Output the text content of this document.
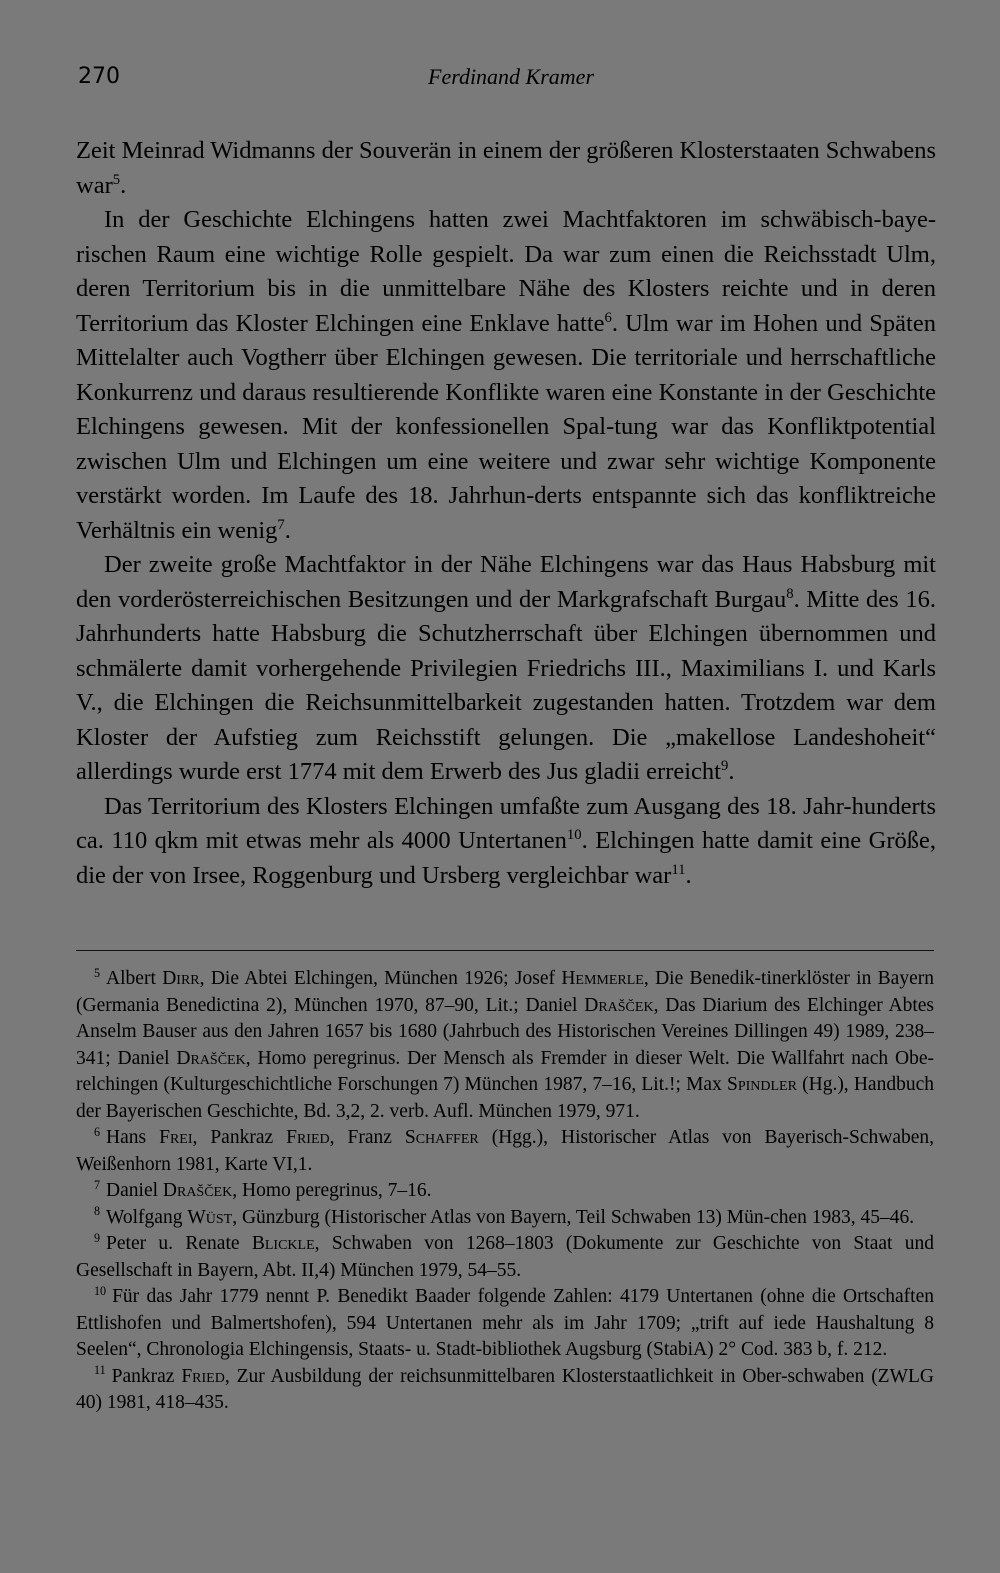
270	Ferdinand Kramer

Zeit Meinrad Widmanns der Souverän in einem der größeren Klosterstaaten Schwabens war$^5$.

In der Geschichte Elchingens hatten zwei Machtfaktoren im schwäbisch-baye-rischen Raum eine wichtige Rolle gespielt. Da war zum einen die Reichsstadt Ulm, deren Territorium bis in die unmittelbare Nähe des Klosters reichte und in deren Territorium das Kloster Elchingen eine Enklave hatte$^6$. Ulm war im Hohen und Späten Mittelalter auch Vogtherr über Elchingen gewesen. Die territoriale und herrschaftliche Konkurrenz und daraus resultierende Konflikte waren eine Konstante in der Geschichte Elchingens gewesen. Mit der konfessionellen Spal-tung war das Konfliktpotential zwischen Ulm und Elchingen um eine weitere und zwar sehr wichtige Komponente verstärkt worden. Im Laufe des 18. Jahrhun-derts entspannte sich das konfliktreiche Verhältnis ein wenig$^7$.

Der zweite große Machtfaktor in der Nähe Elchingens war das Haus Habsburg mit den vorderösterreichischen Besitzungen und der Markgrafschaft Burgau$^8$. Mitte des 16. Jahrhunderts hatte Habsburg die Schutzherrschaft über Elchingen übernommen und schmälerte damit vorhergehende Privilegien Friedrichs III., Maximilians I. und Karls V., die Elchingen die Reichsunmittelbarkeit zugestanden hatten. Trotzdem war dem Kloster der Aufstieg zum Reichsstift gelungen. Die „makellose Landeshoheit“ allerdings wurde erst 1774 mit dem Erwerb des Jus gladii erreicht$^9$.

Das Territorium des Klosters Elchingen umfaßte zum Ausgang des 18. Jahr-hunderts ca. 110 qkm mit etwas mehr als 4000 Untertanen$^{10}$. Elchingen hatte damit eine Größe, die der von Irsee, Roggenburg und Ursberg vergleichbar war$^{11}$.

$^5$ Albert Dirr, Die Abtei Elchingen, München 1926; Josef Hemmerle, Die Benedik-tinerklöster in Bayern (Germania Benedictina 2), München 1970, 87–90, Lit.; Daniel Drašček, Das Diarium des Elchinger Abtes Anselm Bauser aus den Jahren 1657 bis 1680 (Jahrbuch des Historischen Vereines Dillingen 49) 1989, 238–341; Daniel Drašček, Homo peregrinus. Der Mensch als Fremder in dieser Welt. Die Wallfahrt nach Obe-relchingen (Kulturgeschichtliche Forschungen 7) München 1987, 7–16, Lit.!; Max Spindler (Hg.), Handbuch der Bayerischen Geschichte, Bd. 3,2, 2. verb. Aufl. München 1979, 971.

$^6$ Hans Frei, Pankraz Fried, Franz Schaffer (Hgg.), Historischer Atlas von Bayerisch-Schwaben, Weißenhorn 1981, Karte VI,1.

$^7$ Daniel Drašček, Homo peregrinus, 7–16.

$^8$ Wolfgang Wüst, Günzburg (Historischer Atlas von Bayern, Teil Schwaben 13) Mün-chen 1983, 45–46.

$^9$ Peter u. Renate Blickle, Schwaben von 1268–1803 (Dokumente zur Geschichte von Staat und Gesellschaft in Bayern, Abt. II,4) München 1979, 54–55.

$^{10}$ Für das Jahr 1779 nennt P. Benedikt Baader folgende Zahlen: 4179 Untertanen (ohne die Ortschaften Ettlishofen und Balmertshofen), 594 Untertanen mehr als im Jahr 1709; „trift auf iede Haushaltung 8 Seelen“, Chronologia Elchingensis, Staats- u. Stadt-bibliothek Augsburg (StabiA) 2° Cod. 383 b, f. 212.

$^{11}$ Pankraz Fried, Zur Ausbildung der reichsunmittelbaren Klosterstaatlichkeit in Ober-schwaben (ZWLG 40) 1981, 418–435.
